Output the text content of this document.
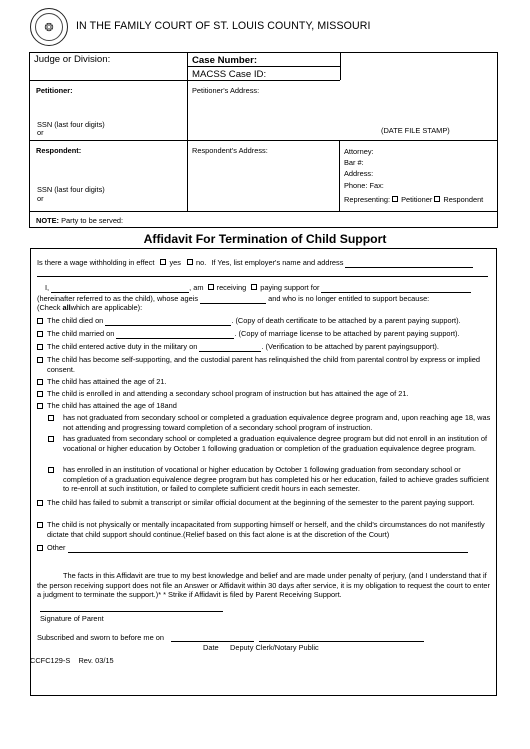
❂	IN THE FAMILY COURT OF ST. LOUIS COUNTY, MISSOURI
Judge or Division:	Case Number:
MACSS Case ID:
Petitioner:	Petitioner's Address:
SSN (last four digits)
or	(DATE FILE STAMP)
Respondent:	Respondent's Address:	Attorney:
Bar #:
Address:
Phone: Fax:
Representing: Petitioner Respondent
SSN (last four digits)
or
NOTE: Party to be served:
Affidavit For Termination of Child Support
Is there a wage withholding in effect yes no. If Yes, list employer's name and address
I,	, am receiving paying support for
(hereinafter referred to as the child), whose ageis	and who is no longer entitled to support because:
(Check allwhich are applicable):
The child died on	. (Copy of death certificate to be attached by a parent paying support).
The child married on	. (Copy of marriage license to be attached by parent paying support).
The child entered active duty in the military on	. (Verification to be attached by parent payingsupport).
The child has become self-supporting, and the custodial parent has relinquished the child from parental control by express or implied consent.
The child has attained the age of 21.
The child is enrolled in and attending a secondary school program of instruction but has attained the age of 21.
The child has attained the age of 18and
has not graduated from secondary school or completed a graduation equivalence degree program and, upon reaching age 18, was not attending and progressing toward completion of a secondary school program of instruction.
has graduated from secondary school or completed a graduation equivalence degree program but did not enroll in an institution of vocational or higher education by October 1 following graduation or completion of the graduation equivalence degree program.
has enrolled in an institution of vocational or higher education by October 1 following graduation from secondary school or completion of a graduation equivalence degree program but has completed his or her education, failed to achieve grades sufficient to re-enroll at such institution, or failed to complete sufficient credit hours in each semester.
The child has failed to submit a transcript or similar official document at the beginning of the semester to the parent paying support.
The child is not physically or mentally incapacitated from supporting himself or herself, and the child's circumstances do not manifestly dictate that child support should continue.(Relief based on this fact alone is at the discretion of the Court)
Other
The facts in this Affidavit are true to my best knowledge and belief and are made under penalty of perjury, (and I understand that if the person receiving support does not file an Answer or Affidavit within 30 days after service, it is my obligation to request the court to enter a judgment to terminate the support.)* * Strike if Affidavit is filed by Parent Receiving Support.
Signature of Parent
Subscribed and sworn to before me on
Date Deputy Clerk/Notary Public
CCFC129-S Rev. 03/15
